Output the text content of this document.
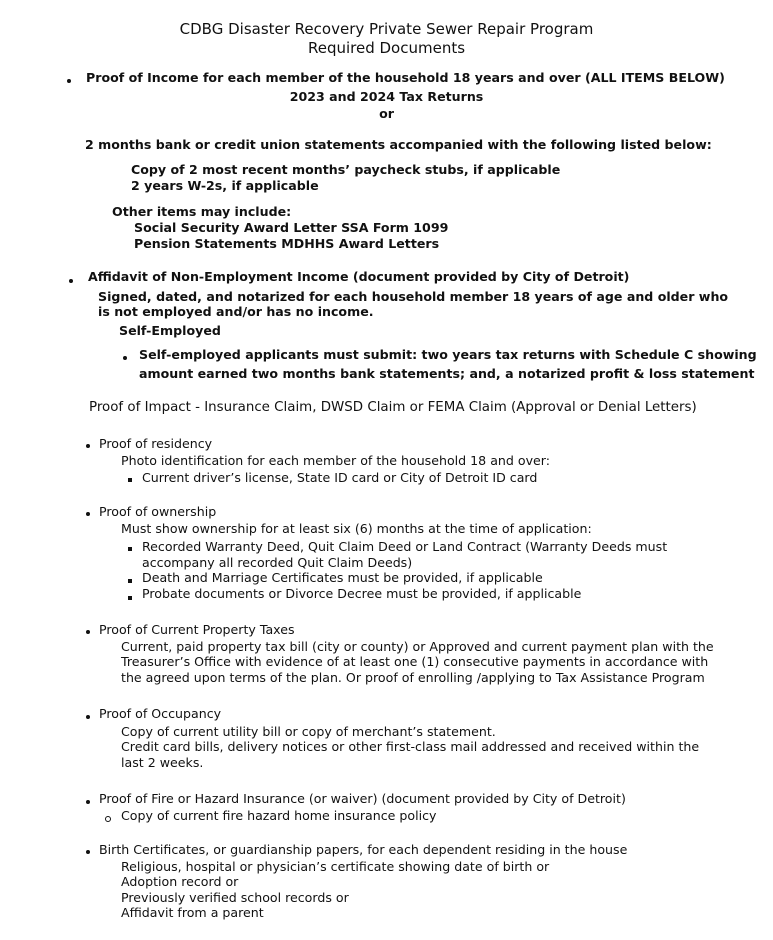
CDBG Disaster Recovery Private Sewer Repair Program
Required Documents
Proof of Income for each member of the household 18 years and over (ALL ITEMS BELOW)
2023 and 2024 Tax Returns
or
2 months bank or credit union statements accompanied with the following listed below:
Copy of 2 most recent months’ paycheck stubs, if applicable
2 years W-2s, if applicable
Other items may include:
Social Security Award Letter SSA Form 1099
Pension Statements MDHHS Award Letters
Affidavit of Non-Employment Income (document provided by City of Detroit)
Signed, dated, and notarized for each household member 18 years of age and older who
is not employed and/or has no income.
Self-Employed
Self-employed applicants must submit: two years tax returns with Schedule C showing
amount earned two months bank statements; and, a notarized profit & loss statement
Proof of Impact - Insurance Claim, DWSD Claim or FEMA Claim (Approval or Denial Letters)
Proof of residency
Photo identification for each member of the household 18 and over:
Current driver’s license, State ID card or City of Detroit ID card
Proof of ownership
Must show ownership for at least six (6) months at the time of application:
Recorded Warranty Deed, Quit Claim Deed or Land Contract (Warranty Deeds must
accompany all recorded Quit Claim Deeds)
Death and Marriage Certificates must be provided, if applicable
Probate documents or Divorce Decree must be provided, if applicable
Proof of Current Property Taxes
Current, paid property tax bill (city or county) or Approved and current payment plan with the
Treasurer’s Office with evidence of at least one (1) consecutive payments in accordance with
the agreed upon terms of the plan. Or proof of enrolling /applying to Tax Assistance Program
Proof of Occupancy
Copy of current utility bill or copy of merchant’s statement.
Credit card bills, delivery notices or other first-class mail addressed and received within the
last 2 weeks.
Proof of Fire or Hazard Insurance (or waiver) (document provided by City of Detroit)
Copy of current fire hazard home insurance policy
Birth Certificates, or guardianship papers, for each dependent residing in the house
Religious, hospital or physician’s certificate showing date of birth or
Adoption record or
Previously verified school records or
Affidavit from a parent
